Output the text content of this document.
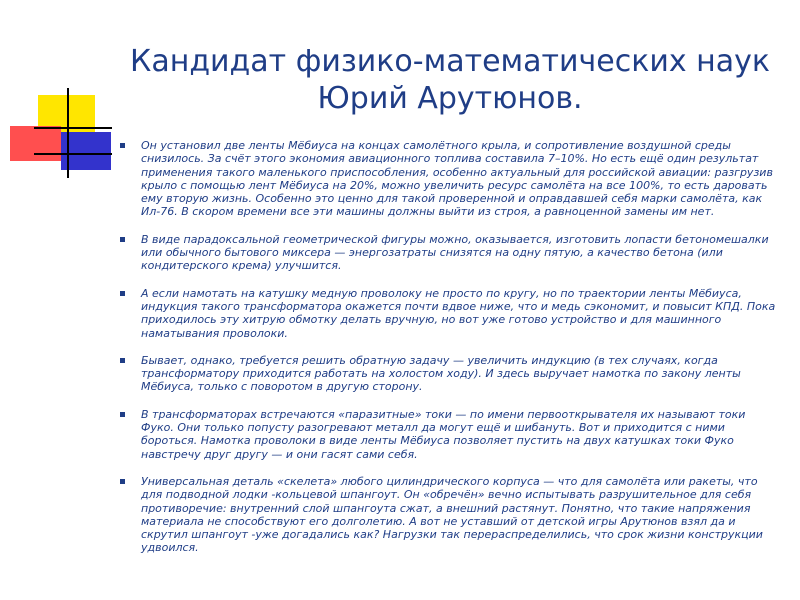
Кандидат физико-математических наук
Юрий Арутюнов.
Он установил две ленты Мёбиуса на концах самолётного крыла, и сопротивление воздушной среды снизилось. За счёт этого экономия авиационного топлива составила 7–10%. Но есть ещё один результат применения такого маленького приспособления, особенно актуальный для российской авиации: разгрузив крыло с помощью лент Мёбиуса на 20%, можно увеличить ресурс самолёта на все 100%, то есть даровать ему вторую жизнь. Особенно это ценно для такой проверенной и оправдавшей себя марки самолёта, как Ил-76. В скором времени все эти машины должны выйти из строя, а равноценной замены им нет.
В виде парадоксальной геометрической фигуры можно, оказывается, изготовить лопасти бетономешалки или обычного бытового миксера — энергозатраты снизятся на одну пятую, а качество бетона (или кондитерского крема) улучшится.
А если намотать на катушку медную проволоку не просто по кругу, но по траектории ленты Мёбиуса, индукция такого трансформатора окажется почти вдвое ниже, что и медь сэкономит, и повысит КПД. Пока приходилось эту хитрую обмотку делать вручную, но вот уже готово устройство и для машинного наматывания проволоки.
Бывает, однако, требуется решить обратную задачу — увеличить индукцию (в тех случаях, когда трансформатору приходится работать на холостом ходу). И здесь выручает намотка по закону ленты Мёбиуса, только с поворотом в другую сторону.
В трансформаторах встречаются «паразитные» токи — по имени первооткрывателя их называют токи Фуко. Они только попусту разогревают металл да могут ещё и шибануть. Вот и приходится с ними бороться. Намотка проволоки в виде ленты Мёбиуса позволяет пустить на двух катушках токи Фуко навстречу друг другу — и они гасят сами себя.
Универсальная деталь «скелета» любого цилиндрического корпуса — что для самолёта или ракеты, что для подводной лодки -кольцевой шпангоут. Он «обречён» вечно испытывать разрушительное для себя противоречие: внутренний слой шпангоута сжат, а внешний растянут. Понятно, что такие напряжения материала не способствуют его долголетию. А вот не уставший от детской игры Арутюнов взял да и скрутил шпангоут -уже догадались как? Нагрузки так перераспределились, что срок жизни конструкции удвоился.
